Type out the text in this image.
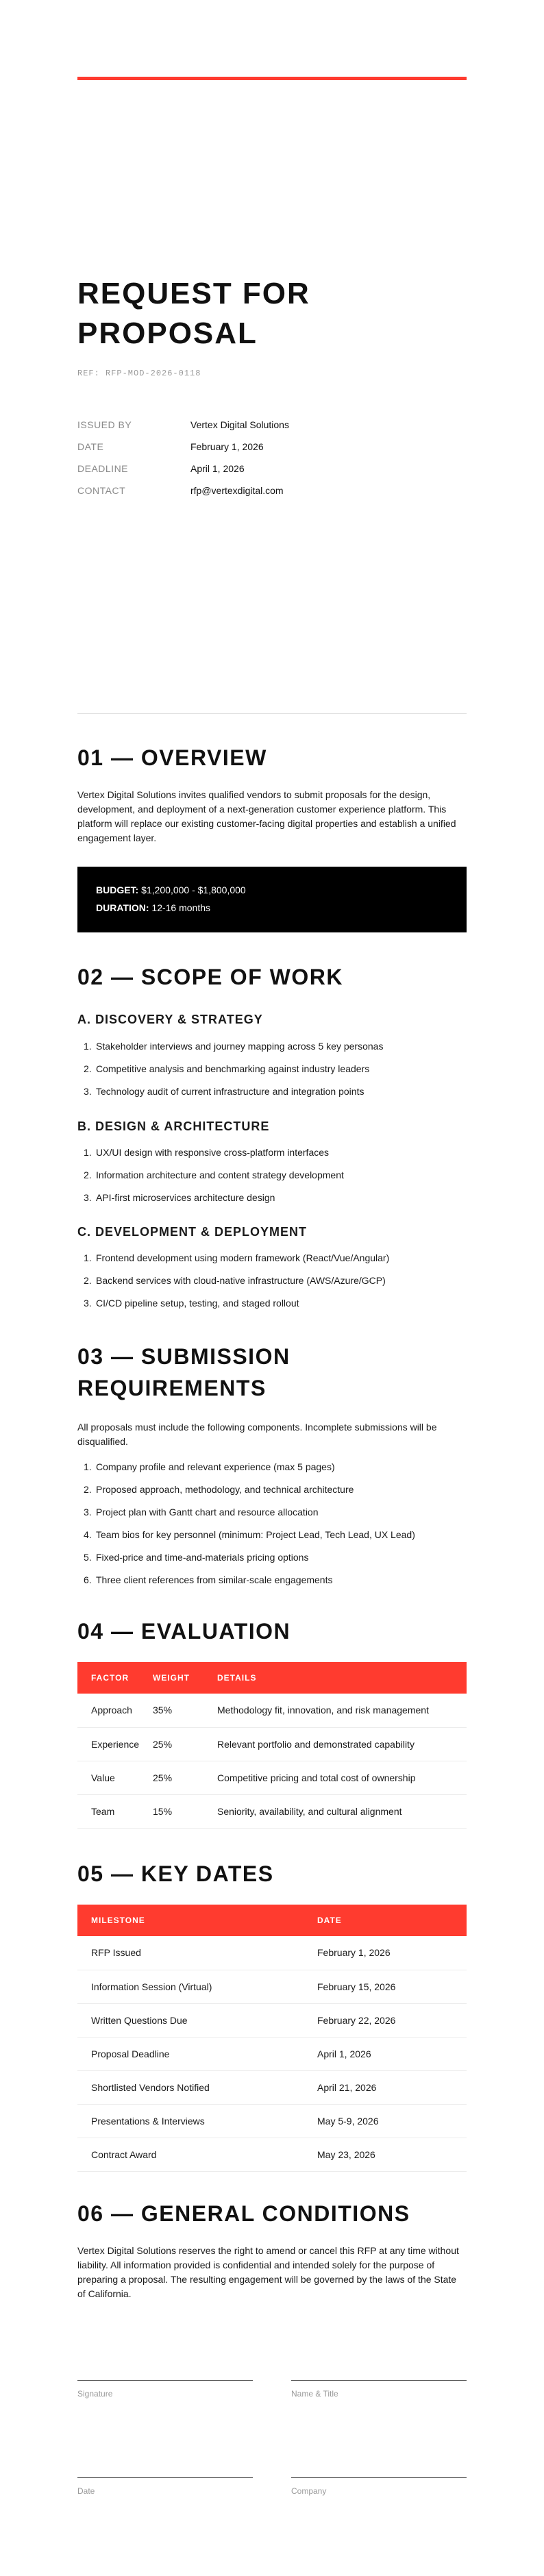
REQUEST FOR PROPOSAL
REF: RFP-MOD-2026-0118
ISSUED BY	Vertex Digital Solutions
DATE	February 1, 2026
DEADLINE	April 1, 2026
CONTACT	rfp@vertexdigital.com
01 — OVERVIEW

Vertex Digital Solutions invites qualified vendors to submit proposals for the design, development, and deployment of a next-generation customer experience platform. This platform will replace our existing customer-facing digital properties and establish a unified engagement layer.

BUDGET: $1,200,000 - $1,800,000
DURATION: 12-16 months
02 — SCOPE OF WORK
A. DISCOVERY & STRATEGY
1. Stakeholder interviews and journey mapping across 5 key personas
2. Competitive analysis and benchmarking against industry leaders
3. Technology audit of current infrastructure and integration points
B. DESIGN & ARCHITECTURE
1. UX/UI design with responsive cross-platform interfaces
2. Information architecture and content strategy development
3. API-first microservices architecture design
C. DEVELOPMENT & DEPLOYMENT
1. Frontend development using modern framework (React/Vue/Angular)
2. Backend services with cloud-native infrastructure (AWS/Azure/GCP)
3. CI/CD pipeline setup, testing, and staged rollout
03 — SUBMISSION
REQUIREMENTS

All proposals must include the following components. Incomplete submissions will be disqualified.

1. Company profile and relevant experience (max 5 pages)
2. Proposed approach, methodology, and technical architecture
3. Project plan with Gantt chart and resource allocation
4. Team bios for key personnel (minimum: Project Lead, Tech Lead, UX Lead)
5. Fixed-price and time-and-materials pricing options
6. Three client references from similar-scale engagements
04 — EVALUATION
FACTOR	WEIGHT	DETAILS
Approach	35%	Methodology fit, innovation, and risk management
Experience	25%	Relevant portfolio and demonstrated capability
Value	25%	Competitive pricing and total cost of ownership
Team	15%	Seniority, availability, and cultural alignment
05 — KEY DATES
MILESTONE	DATE
RFP Issued	February 1, 2026
Information Session (Virtual)	February 15, 2026
Written Questions Due	February 22, 2026
Proposal Deadline	April 1, 2026
Shortlisted Vendors Notified	April 21, 2026
Presentations & Interviews	May 5-9, 2026
Contract Award	May 23, 2026
06 — GENERAL CONDITIONS

Vertex Digital Solutions reserves the right to amend or cancel this RFP at any time without liability. All information provided is confidential and intended solely for the purpose of preparing a proposal. The resulting engagement will be governed by the laws of the State of California.

Signature	Name & Title
Date	Company
